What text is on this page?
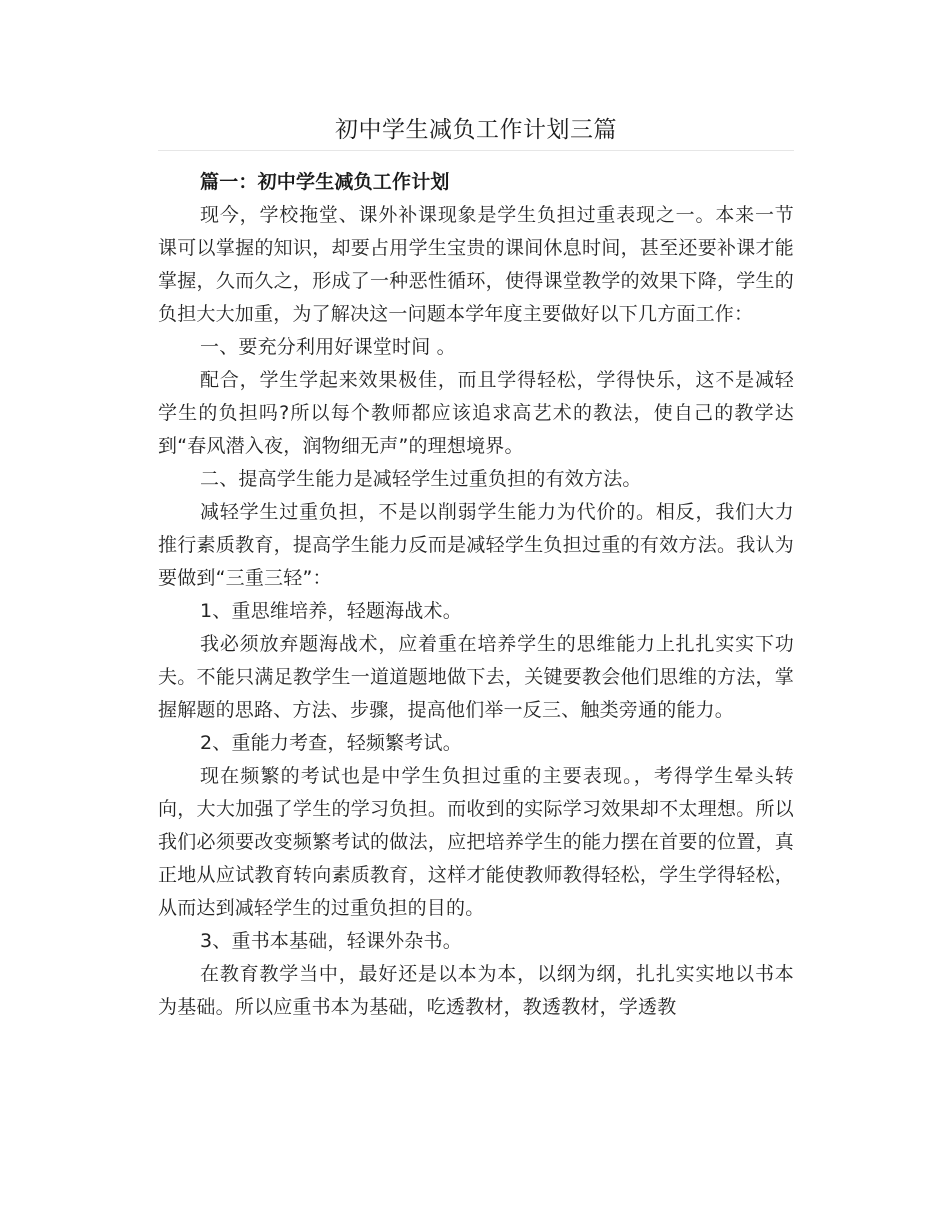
初中学生减负工作计划三篇

篇一：初中学生减负工作计划

现今，学校拖堂、课外补课现象是学生负担过重表现之一。本来一节课可以掌握的知识，却要占用学生宝贵的课间休息时间，甚至还要补课才能掌握，久而久之，形成了一种恶性循环，使得课堂教学的效果下降，学生的负担大大加重，为了解决这一问题本学年度主要做好以下几方面工作：

一、要充分利用好课堂时间 。

配合，学生学起来效果极佳，而且学得轻松，学得快乐，这不是减轻学生的负担吗?所以每个教师都应该追求高艺术的教法，使自己的教学达到“春风潜入夜，润物细无声”的理想境界。

二、提高学生能力是减轻学生过重负担的有效方法。

减轻学生过重负担，不是以削弱学生能力为代价的。相反，我们大力推行素质教育，提高学生能力反而是减轻学生负担过重的有效方法。我认为要做到“三重三轻”：

1、重思维培养，轻题海战术。

我必须放弃题海战术，应着重在培养学生的思维能力上扎扎实实下功夫。不能只满足教学生一道道题地做下去，关键要教会他们思维的方法，掌握解题的思路、方法、步骤，提高他们举一反三、触类旁通的能力。

2、重能力考查，轻频繁考试。

现在频繁的考试也是中学生负担过重的主要表现。，考得学生晕头转向，大大加强了学生的学习负担。而收到的实际学习效果却不太理想。所以我们必须要改变频繁考试的做法，应把培养学生的能力摆在首要的位置，真正地从应试教育转向素质教育，这样才能使教师教得轻松，学生学得轻松，从而达到减轻学生的过重负担的目的。

3、重书本基础，轻课外杂书。

在教育教学当中，最好还是以本为本，以纲为纲，扎扎实实地以书本为基础。所以应重书本为基础，吃透教材，教透教材，学透教
